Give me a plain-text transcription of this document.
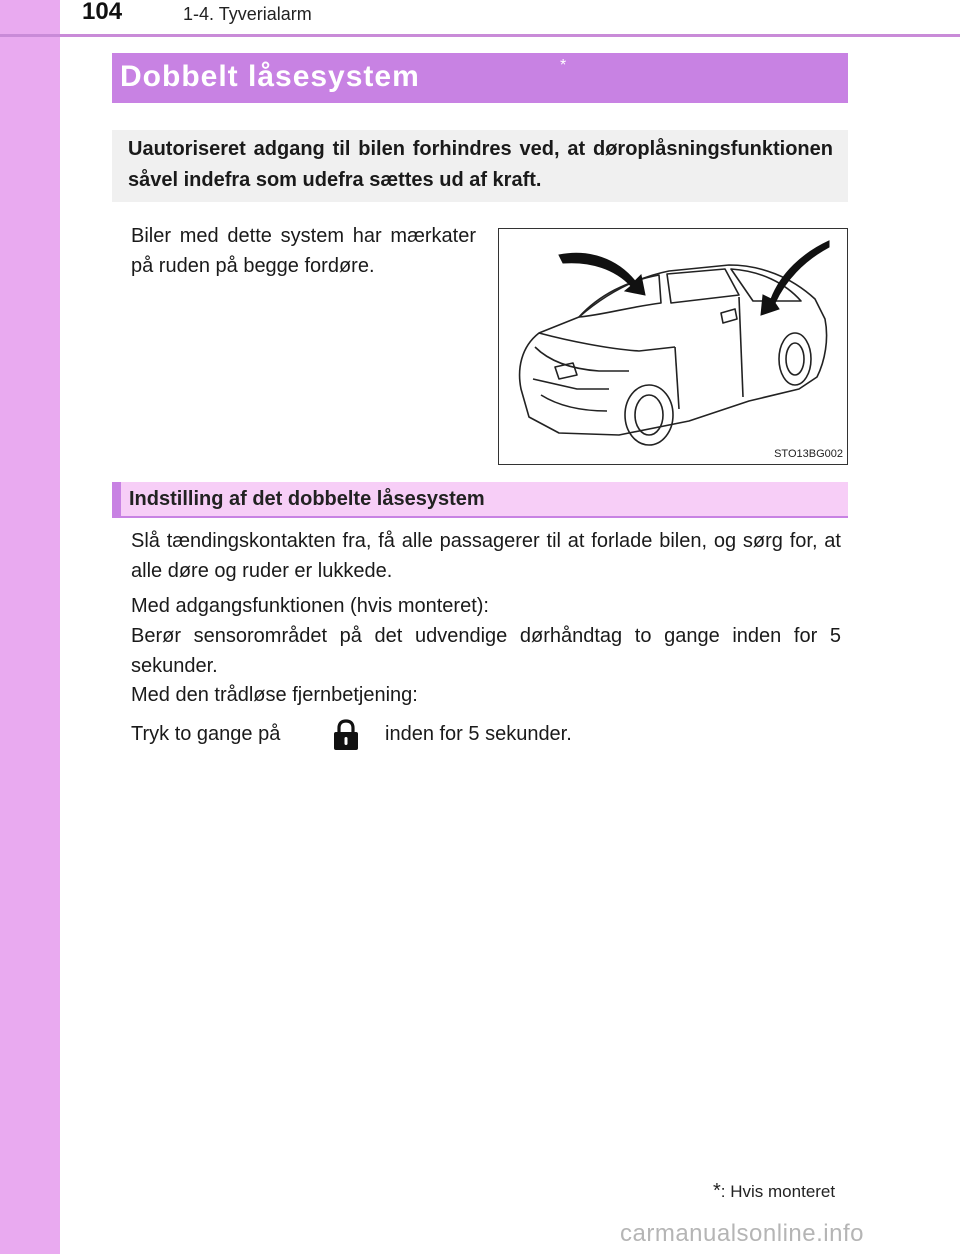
104	1-4. Tyverialarm
Dobbelt låsesystem	*
Uautoriseret adgang til bilen forhindres ved, at døroplåsningsfunktionen såvel indefra som udefra sættes ud af kraft.
Biler med dette system har mærkater på ruden på begge fordøre.
STO13BG002
Indstilling af det dobbelte låsesystem
Slå tændingskontakten fra, få alle passagerer til at forlade bilen, og sørg for, at alle døre og ruder er lukkede.
Med adgangsfunktionen (hvis monteret):
Berør sensorområdet på det udvendige dørhåndtag to gange inden for 5 sekunder.
Med den trådløse fjernbetjening:
Tryk to gange på	inden for 5 sekunder.
*: Hvis monteret
carmanualsonline.info
